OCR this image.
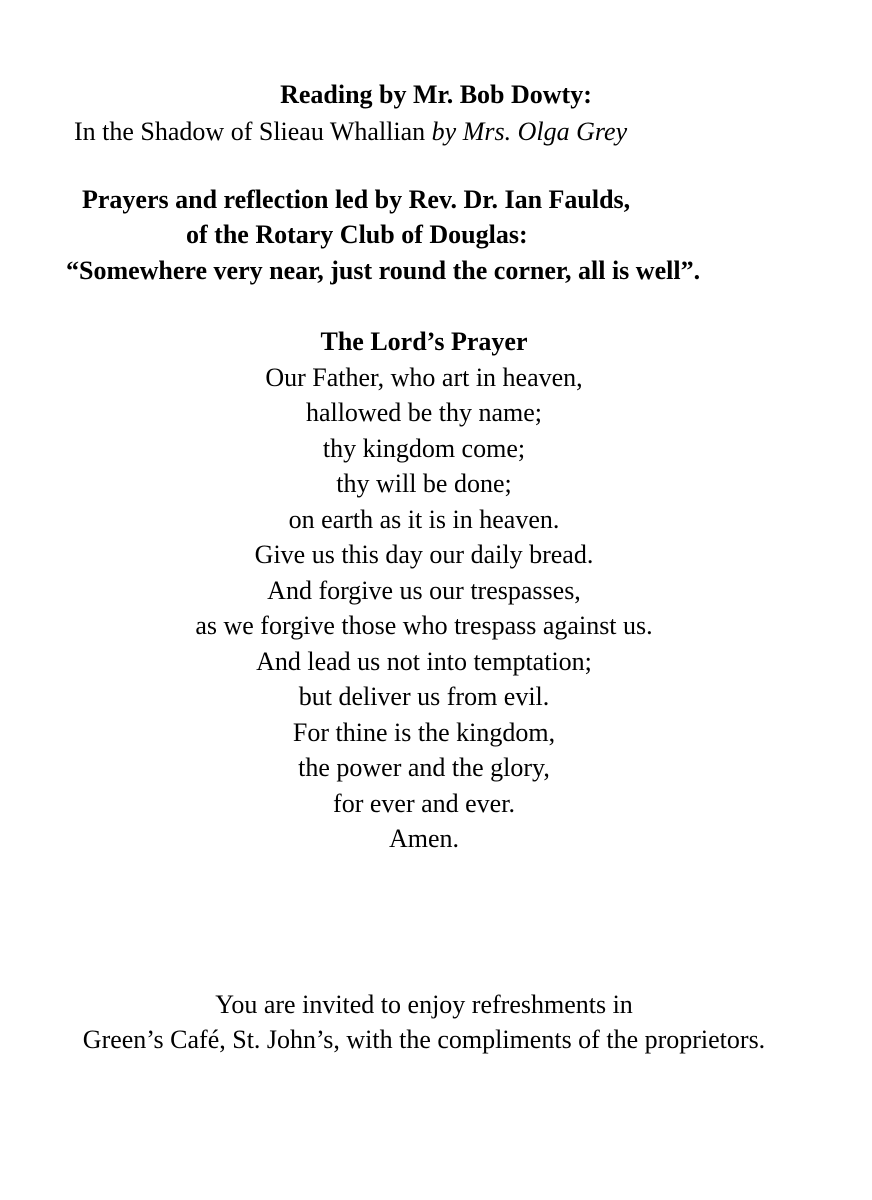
Reading by Mr. Bob Dowty:
In the Shadow of Slieau Whallian by Mrs. Olga Grey
Prayers and reflection led by Rev. Dr. Ian Faulds,
of the Rotary Club of Douglas:
“Somewhere very near, just round the corner, all is well”.
The Lord’s Prayer
Our Father, who art in heaven,
hallowed be thy name;
thy kingdom come;
thy will be done;
on earth as it is in heaven.
Give us this day our daily bread.
And forgive us our trespasses,
as we forgive those who trespass against us.
And lead us not into temptation;
but deliver us from evil.
For thine is the kingdom,
the power and the glory,
for ever and ever.
Amen.
You are invited to enjoy refreshments in
Green’s Café, St. John’s, with the compliments of the proprietors.
